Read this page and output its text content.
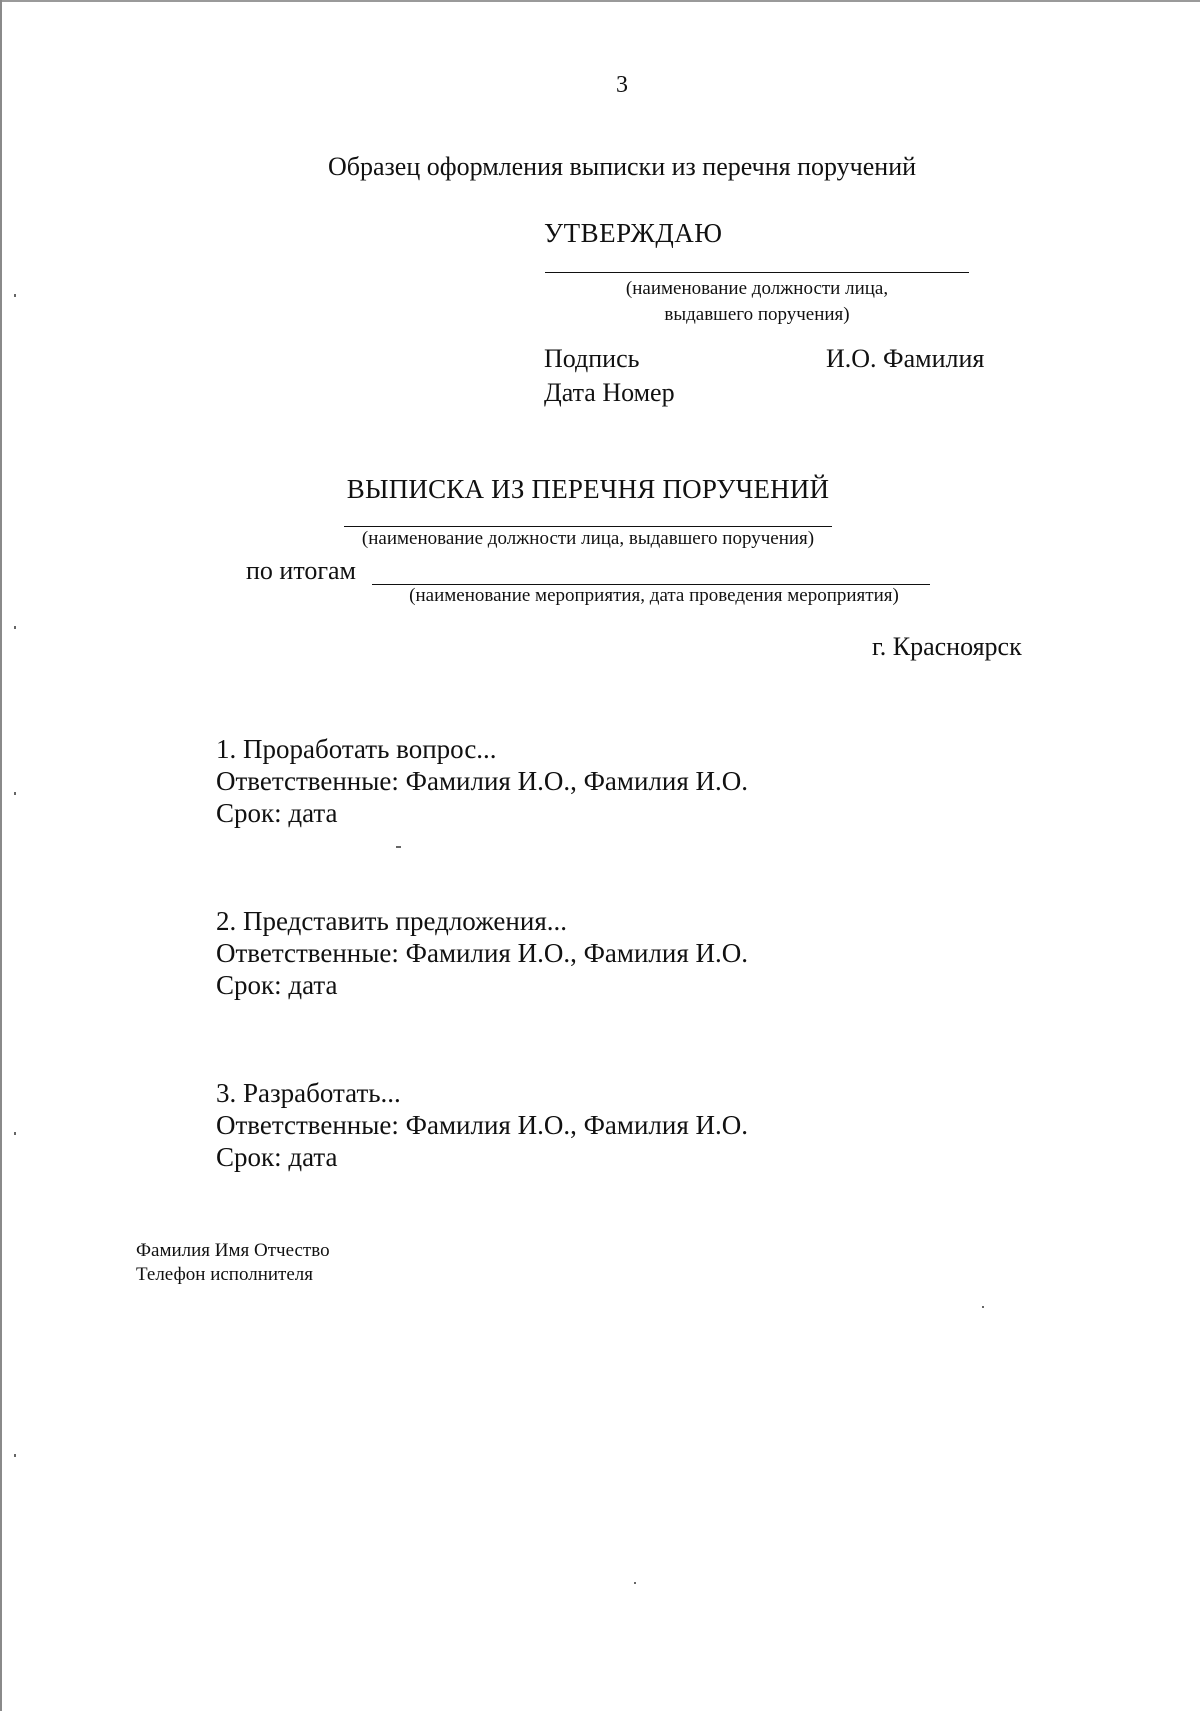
3
Образец оформления выписки из перечня поручений
УТВЕРЖДАЮ
(наименование должности лица,
выдавшего поручения)
Подпись	И.О. Фамилия
Дата Номер
ВЫПИСКА ИЗ ПЕРЕЧНЯ ПОРУЧЕНИЙ
(наименование должности лица, выдавшего поручения)
по итогам
(наименование мероприятия, дата проведения мероприятия)
г. Красноярск
1. Проработать вопрос...
Ответственные: Фамилия И.О., Фамилия И.О.
Срок: дата
2. Представить предложения...
Ответственные: Фамилия И.О., Фамилия И.О.
Срок: дата
3. Разработать...
Ответственные: Фамилия И.О., Фамилия И.О.
Срок: дата
Фамилия Имя Отчество
Телефон исполнителя
